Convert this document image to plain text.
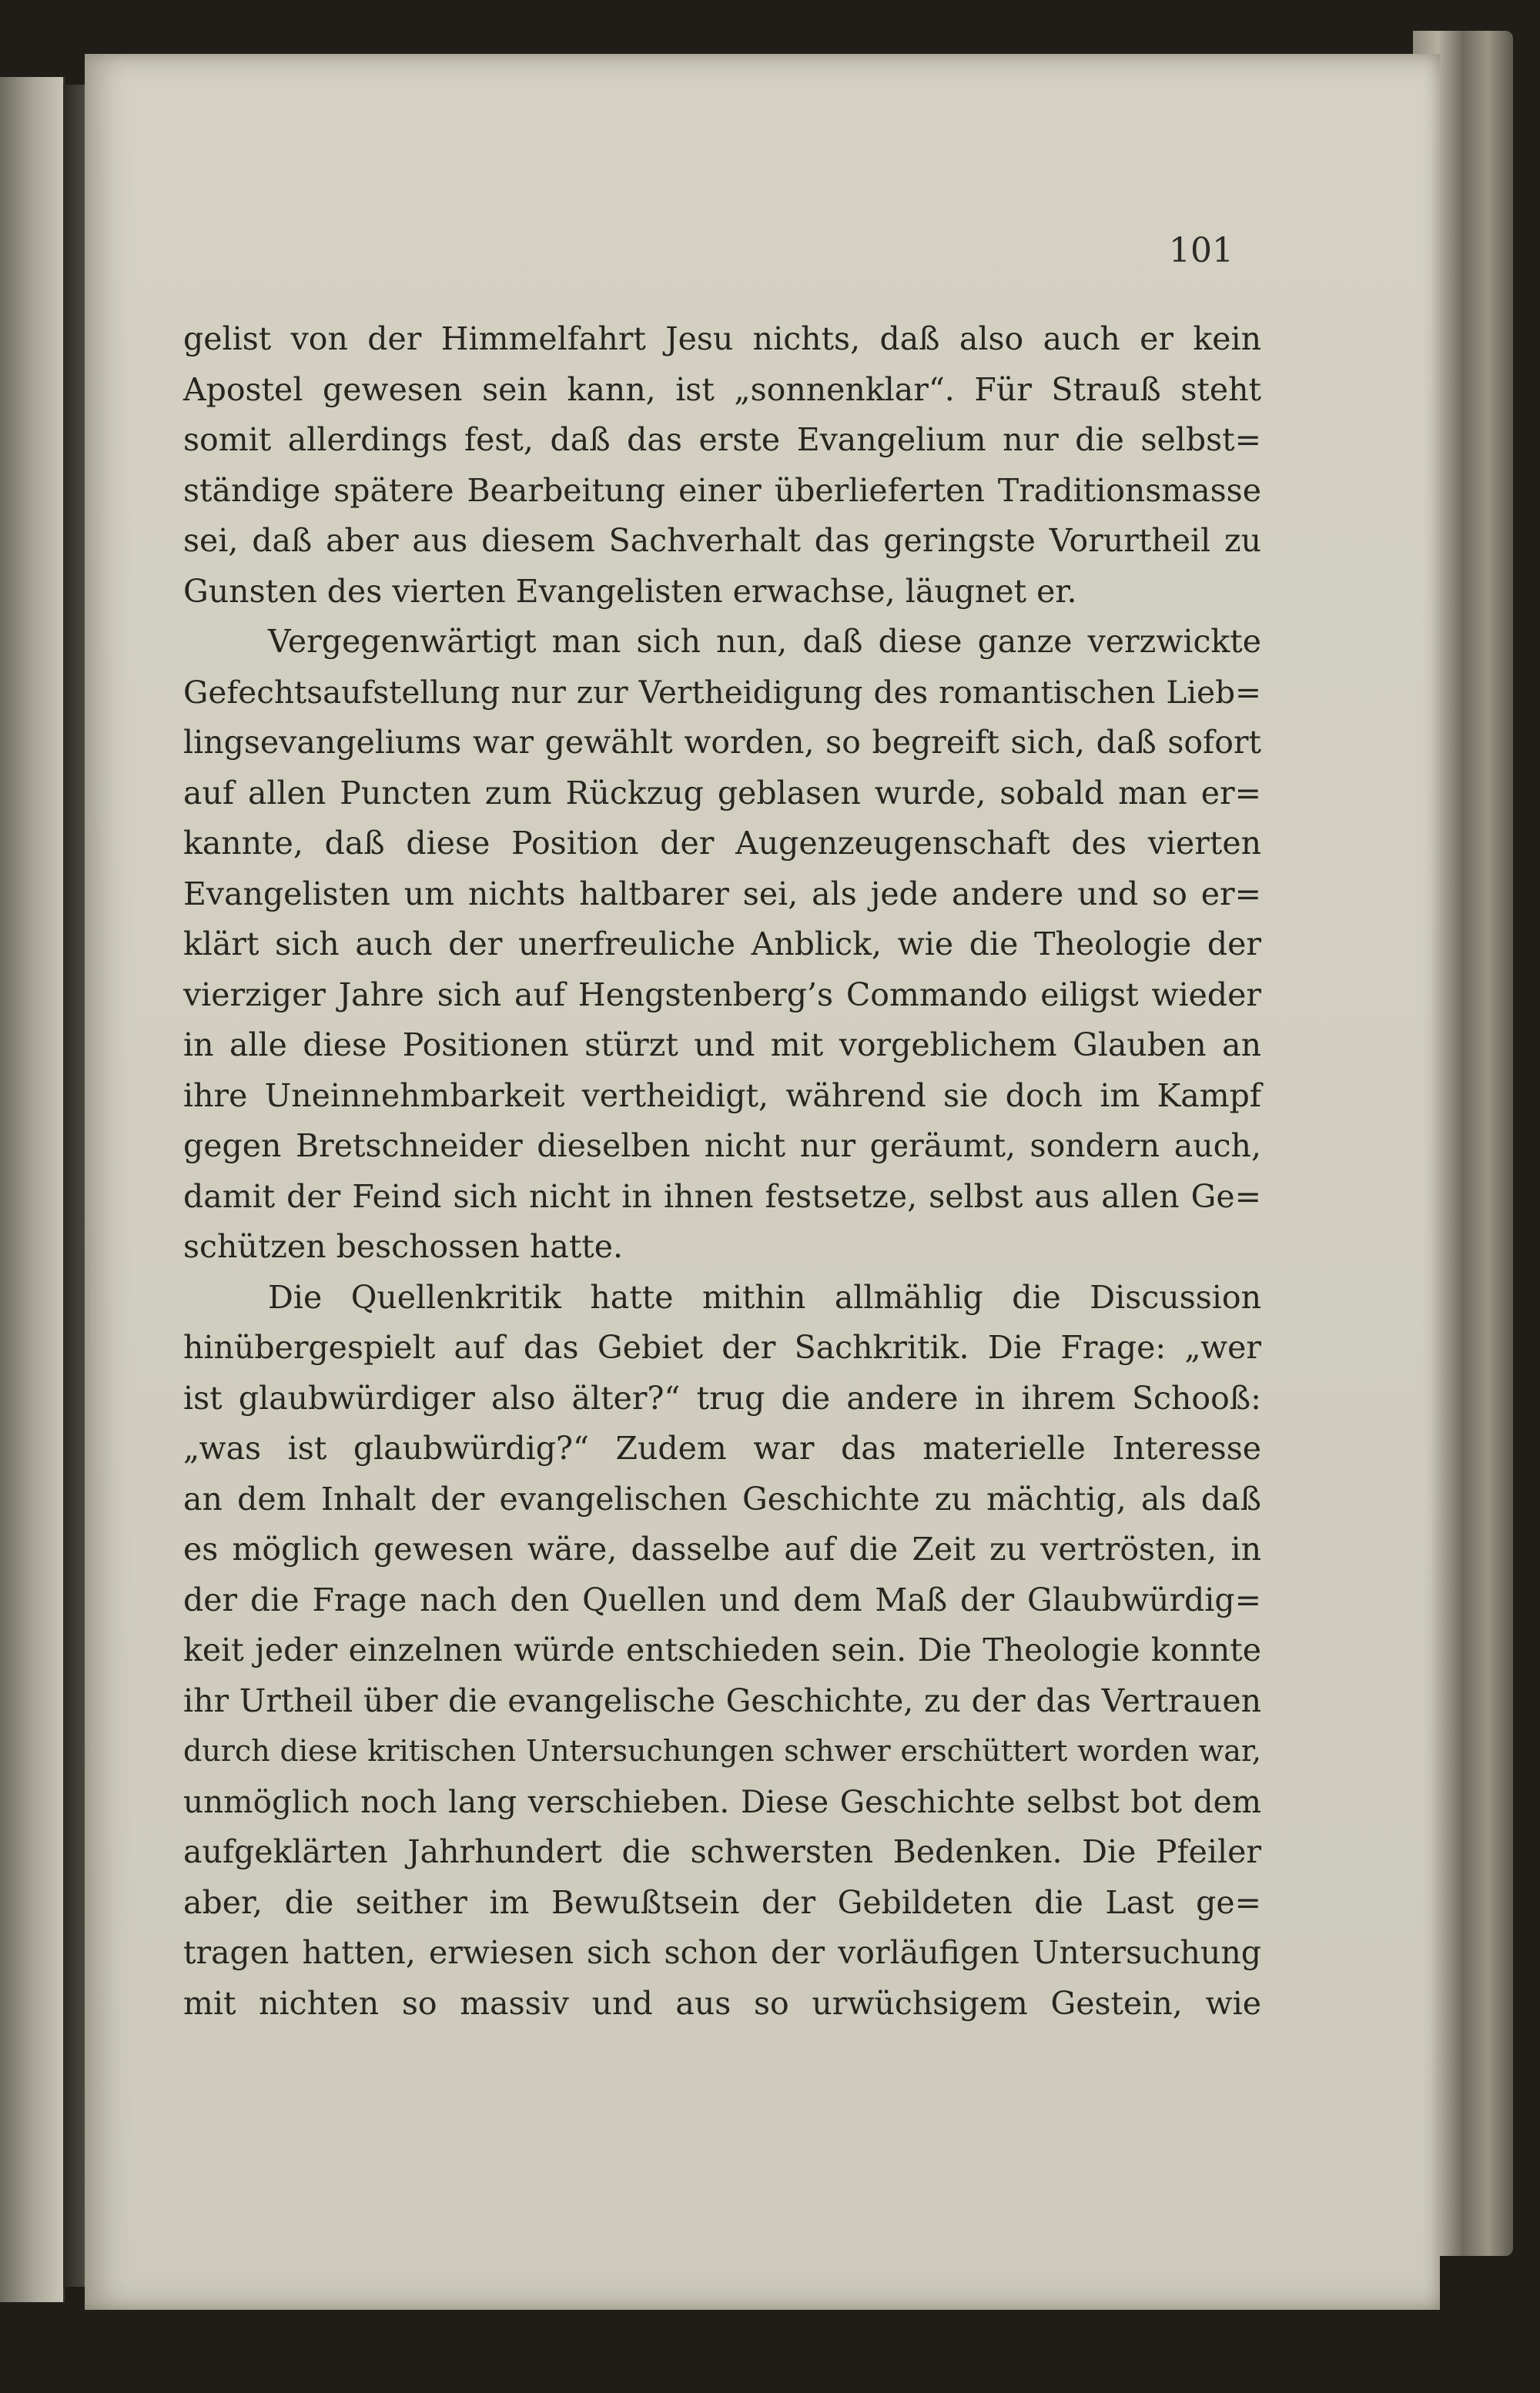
101
gelist von der Himmelfahrt Jesu nichts, daß also auch er kein
Apostel gewesen sein kann, ist „sonnenklar“. Für Strauß steht
somit allerdings fest, daß das erste Evangelium nur die selbst=
ständige spätere Bearbeitung einer überlieferten Traditionsmasse
sei, daß aber aus diesem Sachverhalt das geringste Vorurtheil zu
Gunsten des vierten Evangelisten erwachse, läugnet er.
Vergegenwärtigt man sich nun, daß diese ganze verzwickte
Gefechtsaufstellung nur zur Vertheidigung des romantischen Lieb=
lingsevangeliums war gewählt worden, so begreift sich, daß sofort
auf allen Puncten zum Rückzug geblasen wurde, sobald man er=
kannte, daß diese Position der Augenzeugenschaft des vierten
Evangelisten um nichts haltbarer sei, als jede andere und so er=
klärt sich auch der unerfreuliche Anblick, wie die Theologie der
vierziger Jahre sich auf Hengstenberg’s Commando eiligst wieder
in alle diese Positionen stürzt und mit vorgeblichem Glauben an
ihre Uneinnehmbarkeit vertheidigt, während sie doch im Kampf
gegen Bretschneider dieselben nicht nur geräumt, sondern auch,
damit der Feind sich nicht in ihnen festsetze, selbst aus allen Ge=
schützen beschossen hatte.
Die Quellenkritik hatte mithin allmählig die Discussion
hinübergespielt auf das Gebiet der Sachkritik. Die Frage: „wer
ist glaubwürdiger also älter?“ trug die andere in ihrem Schooß:
„was ist glaubwürdig?“ Zudem war das materielle Interesse
an dem Inhalt der evangelischen Geschichte zu mächtig, als daß
es möglich gewesen wäre, dasselbe auf die Zeit zu vertrösten, in
der die Frage nach den Quellen und dem Maß der Glaubwürdig=
keit jeder einzelnen würde entschieden sein. Die Theologie konnte
ihr Urtheil über die evangelische Geschichte, zu der das Vertrauen
durch diese kritischen Untersuchungen schwer erschüttert worden war,
unmöglich noch lang verschieben. Diese Geschichte selbst bot dem
aufgeklärten Jahrhundert die schwersten Bedenken. Die Pfeiler
aber, die seither im Bewußtsein der Gebildeten die Last ge=
tragen hatten, erwiesen sich schon der vorläufigen Untersuchung
mit nichten so massiv und aus so urwüchsigem Gestein, wie
